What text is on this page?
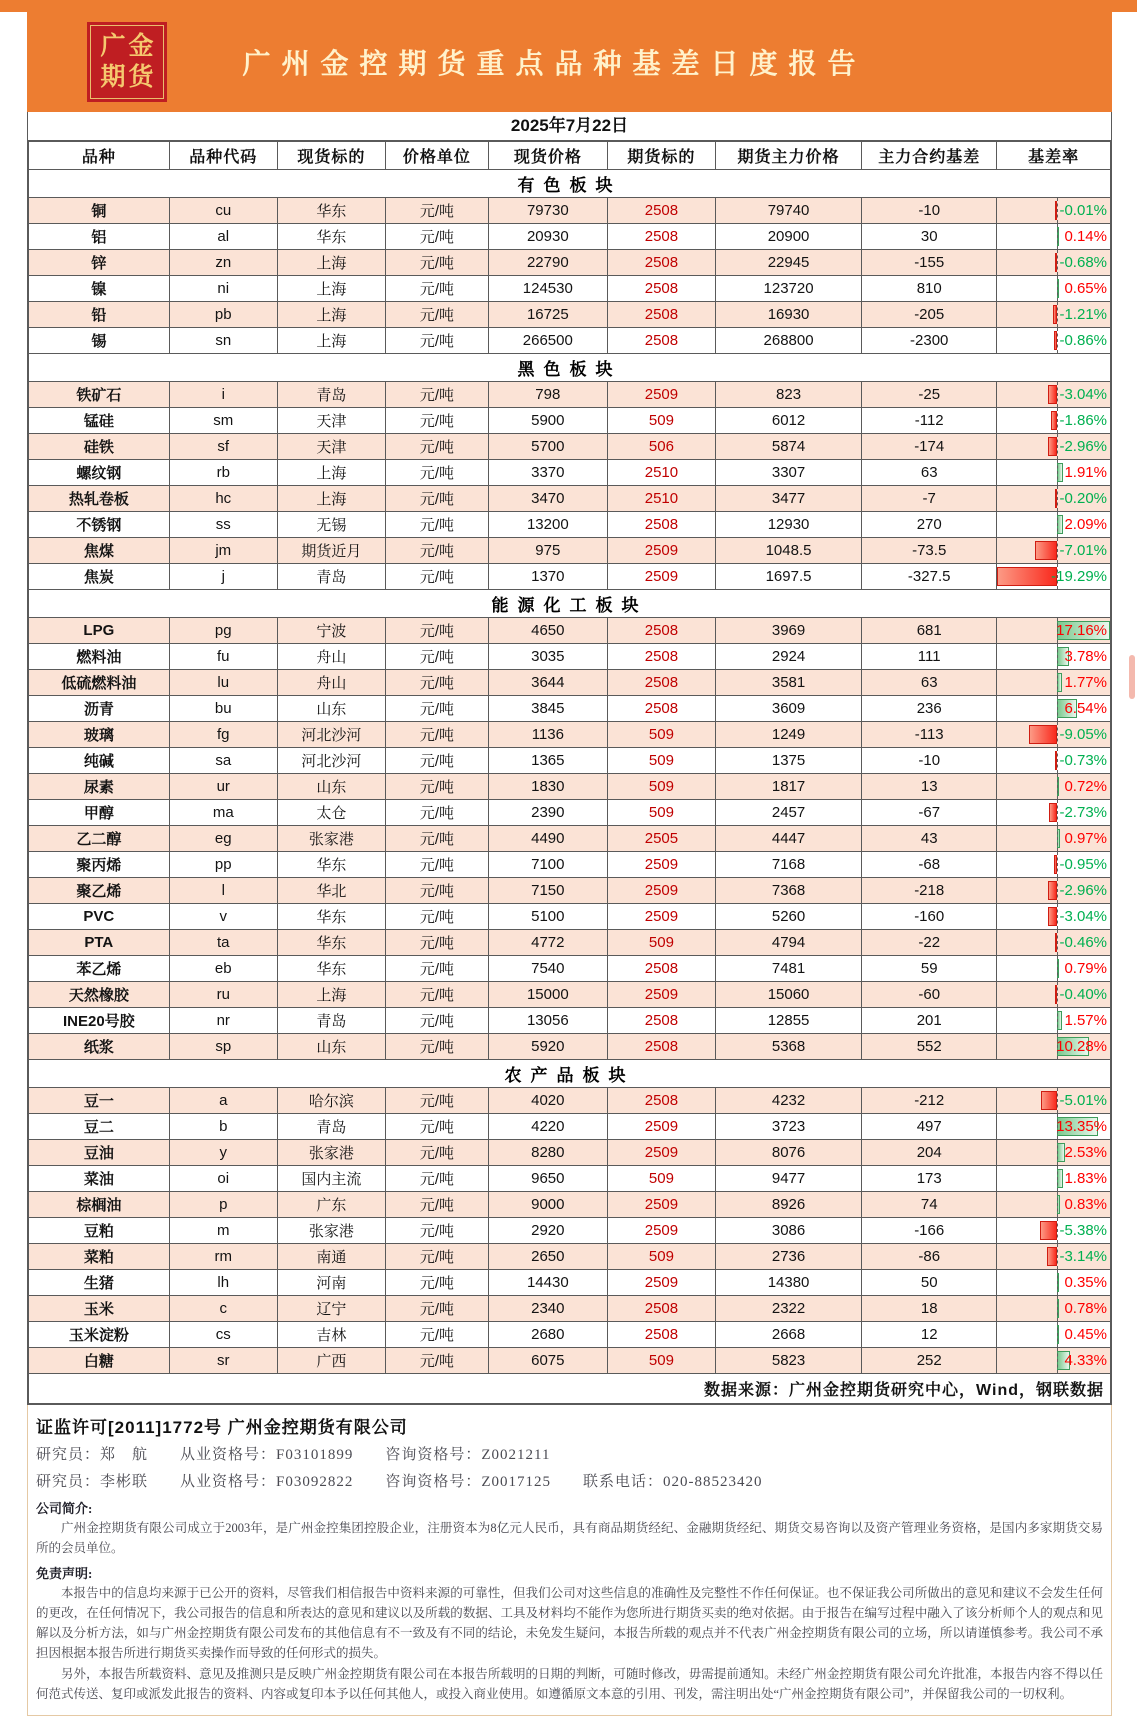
广金
期货	广州金控期货重点品种基差日度报告
2025年7月22日
品种	品种代码	现货标的	价格单位	现货价格	期货标的	期货主力价格	主力合约基差	基差率
有色板块								
铜	cu	华东	元/吨	79730	2508	79740	-10	-0.01%
铝	al	华东	元/吨	20930	2508	20900	30	0.14%
锌	zn	上海	元/吨	22790	2508	22945	-155	-0.68%
镍	ni	上海	元/吨	124530	2508	123720	810	0.65%
铅	pb	上海	元/吨	16725	2508	16930	-205	-1.21%
锡	sn	上海	元/吨	266500	2508	268800	-2300	-0.86%
黑色板块								
铁矿石	i	青岛	元/吨	798	2509	823	-25	-3.04%
锰硅	sm	天津	元/吨	5900	509	6012	-112	-1.86%
硅铁	sf	天津	元/吨	5700	506	5874	-174	-2.96%
螺纹钢	rb	上海	元/吨	3370	2510	3307	63	1.91%
热轧卷板	hc	上海	元/吨	3470	2510	3477	-7	-0.20%
不锈钢	ss	无锡	元/吨	13200	2508	12930	270	2.09%
焦煤	jm	期货近月	元/吨	975	2509	1048.5	-73.5	-7.01%
焦炭	j	青岛	元/吨	1370	2509	1697.5	-327.5	-19.29%
能源化工板块								
LPG	pg	宁波	元/吨	4650	2508	3969	681	17.16%
燃料油	fu	舟山	元/吨	3035	2508	2924	111	3.78%
低硫燃料油	lu	舟山	元/吨	3644	2508	3581	63	1.77%
沥青	bu	山东	元/吨	3845	2508	3609	236	6.54%
玻璃	fg	河北沙河	元/吨	1136	509	1249	-113	-9.05%
纯碱	sa	河北沙河	元/吨	1365	509	1375	-10	-0.73%
尿素	ur	山东	元/吨	1830	509	1817	13	0.72%
甲醇	ma	太仓	元/吨	2390	509	2457	-67	-2.73%
乙二醇	eg	张家港	元/吨	4490	2505	4447	43	0.97%
聚丙烯	pp	华东	元/吨	7100	2509	7168	-68	-0.95%
聚乙烯	l	华北	元/吨	7150	2509	7368	-218	-2.96%
PVC	v	华东	元/吨	5100	2509	5260	-160	-3.04%
PTA	ta	华东	元/吨	4772	509	4794	-22	-0.46%
苯乙烯	eb	华东	元/吨	7540	2508	7481	59	0.79%
天然橡胶	ru	上海	元/吨	15000	2509	15060	-60	-0.40%
INE20号胶	nr	青岛	元/吨	13056	2508	12855	201	1.57%
纸浆	sp	山东	元/吨	5920	2508	5368	552	10.28%
农产品板块								
豆一	a	哈尔滨	元/吨	4020	2508	4232	-212	-5.01%
豆二	b	青岛	元/吨	4220	2509	3723	497	13.35%
豆油	y	张家港	元/吨	8280	2509	8076	204	2.53%
菜油	oi	国内主流	元/吨	9650	509	9477	173	1.83%
棕榈油	p	广东	元/吨	9000	2509	8926	74	0.83%
豆粕	m	张家港	元/吨	2920	2509	3086	-166	-5.38%
菜粕	rm	南通	元/吨	2650	509	2736	-86	-3.14%
生猪	lh	河南	元/吨	14430	2509	14380	50	0.35%
玉米	c	辽宁	元/吨	2340	2508	2322	18	0.78%
玉米淀粉	cs	吉林	元/吨	2680	2508	2668	12	0.45%
白糖	sr	广西	元/吨	6075	509	5823	252	4.33%
数据来源：广州金控期货研究中心，Wind，钢联数据								
证监许可[2011]1772号 广州金控期货有限公司
研究员：郑　航　　从业资格号：F03101899　　咨询资格号：Z0021211
研究员：李彬联　　从业资格号：F03092822　　咨询资格号：Z0017125　　联系电话：020-88523420
公司简介:
广州金控期货有限公司成立于2003年，是广州金控集团控股企业，注册资本为8亿元人民币，具有商品期货经纪、金融期货经纪、期货交易咨询以及资产管理业务资格，是国内多家期货交易所的会员单位。
免责声明:
本报告中的信息均来源于已公开的资料，尽管我们相信报告中资料来源的可靠性，但我们公司对这些信息的准确性及完整性不作任何保证。也不保证我公司所做出的意见和建议不会发生任何的更改，在任何情况下，我公司报告的信息和所表达的意见和建议以及所载的数据、工具及材料均不能作为您所进行期货买卖的绝对依据。由于报告在编写过程中融入了该分析师个人的观点和见解以及分析方法，如与广州金控期货有限公司发布的其他信息有不一致及有不同的结论，未免发生疑问，本报告所载的观点并不代表广州金控期货有限公司的立场，所以请谨慎参考。我公司不承担因根据本报告所进行期货买卖操作而导致的任何形式的损失。
另外，本报告所载资料、意见及推测只是反映广州金控期货有限公司在本报告所载明的日期的判断，可随时修改，毋需提前通知。未经广州金控期货有限公司允许批准，本报告内容不得以任何范式传送、复印或派发此报告的资料、内容或复印本予以任何其他人，或投入商业使用。如遵循原文本意的引用、刊发，需注明出处“广州金控期货有限公司”，并保留我公司的一切权利。
